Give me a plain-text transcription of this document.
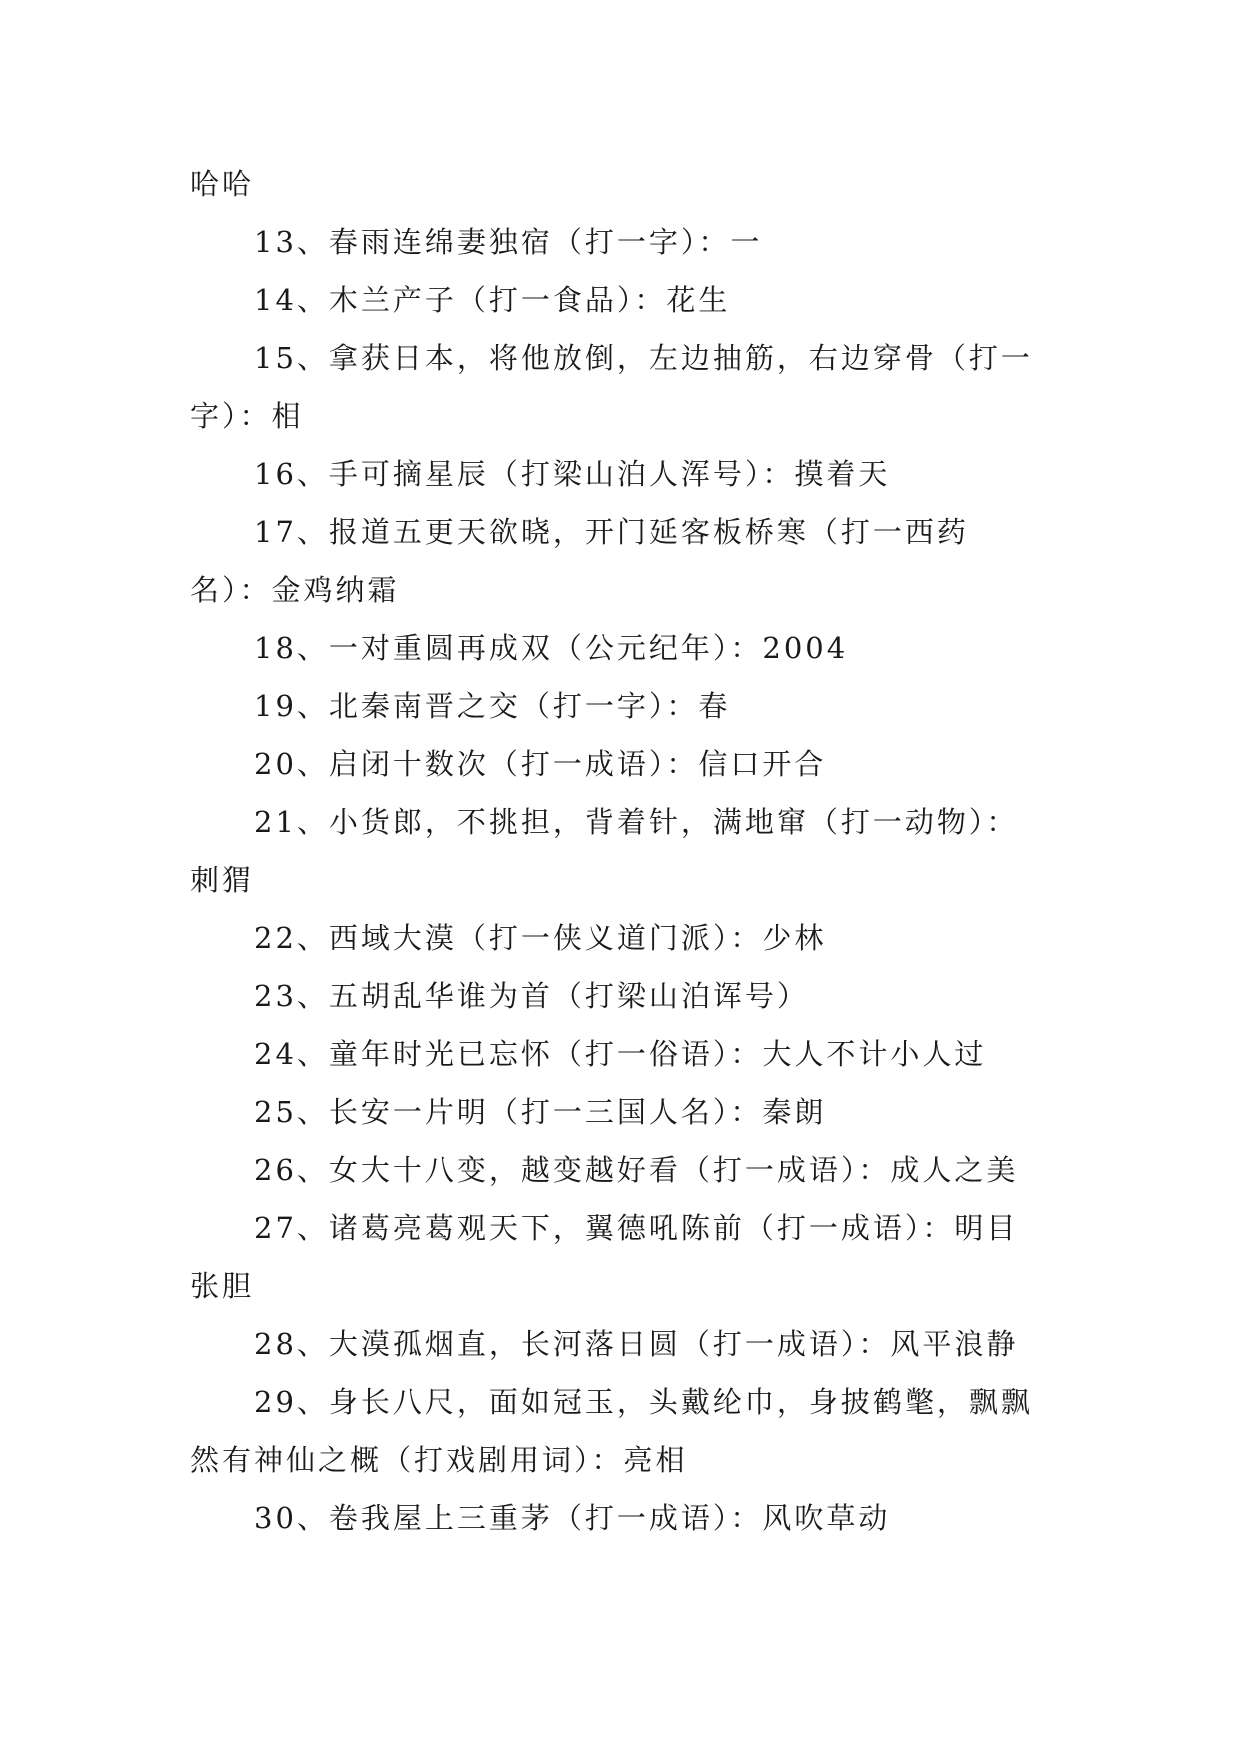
哈哈

13、春雨连绵妻独宿（打一字）：一

14、木兰产子（打一食品）：花生

15、拿获日本，将他放倒，左边抽筋，右边穿骨（打一字）：相

16、手可摘星辰（打梁山泊人浑号）：摸着天

17、报道五更天欲晓，开门延客板桥寒（打一西药名）：金鸡纳霜

18、一对重圆再成双（公元纪年）：2004

19、北秦南晋之交（打一字）：春

20、启闭十数次（打一成语）：信口开合

21、小货郎，不挑担，背着针，满地窜（打一动物）：刺猬

22、西域大漠（打一侠义道门派）：少林

23、五胡乱华谁为首（打梁山泊诨号）

24、童年时光已忘怀（打一俗语）：大人不计小人过

25、长安一片明（打一三国人名）：秦朗

26、女大十八变，越变越好看（打一成语）：成人之美

27、诸葛亮葛观天下，翼德吼陈前（打一成语）：明目张胆

28、大漠孤烟直，长河落日圆（打一成语）：风平浪静

29、身长八尺，面如冠玉，头戴纶巾，身披鹤氅，飘飘然有神仙之概（打戏剧用词）：亮相

30、卷我屋上三重茅（打一成语）：风吹草动
